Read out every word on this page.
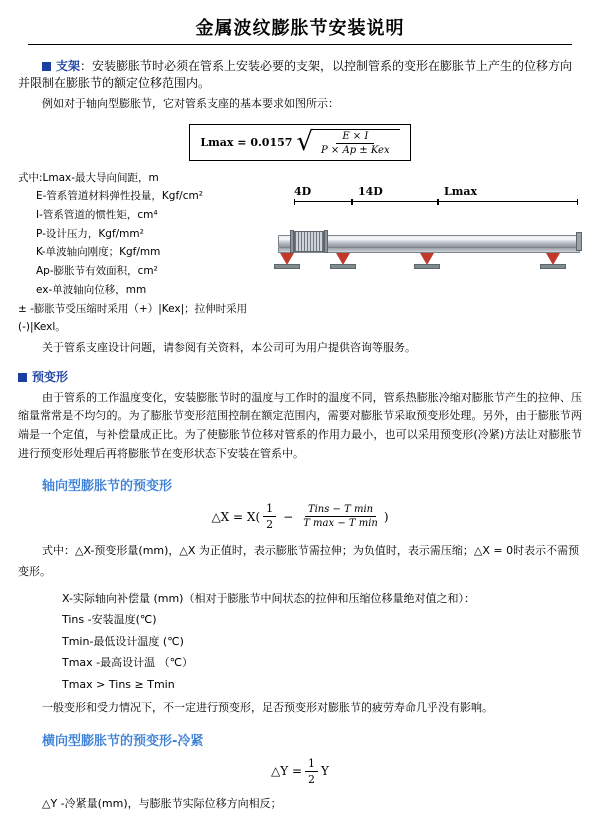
金属波纹膨胀节安装说明

支架：安装膨胀节时必须在管系上安装必要的支架，以控制管系的变形在膨胀节上产生的位移方向并限制在膨胀节的额定位移范围内。

例如对于轴向型膨胀节，它对管系支座的基本要求如图所示：

Lmax = 0.0157 √
$\frac{E \times I}{\text{P × Ap ± Kex}}$

式中:Lmax-最大导向间距，m

E-管系管道材料弹性投量，Kgf/cm²

I-管系管道的惯性矩，cm⁴

P-设计压力，Kgf/mm²

K-单波轴向刚度；Kgf/mm

Ap-膨胀节有效面积，cm²

ex-单波轴向位移，mm

± -膨胀节受压缩时采用（+）|Kex|；拉伸时采用(-)|Kexl。

4D	14D	Lmax

关于管系支座设计问题，请参阅有关资料，本公司可为用户提供咨询等服务。

预变形

由于管系的工作温度变化，安装膨胀节时的温度与工作时的温度不同，管系热膨胀冷缩对膨胀节产生的拉伸、压缩量常常是不均匀的。为了膨胀节变形范围控制在额定范围内，需要对膨胀节采取预变形处理。另外，由于膨胀节两端是一个定值，与补偿量成正比。为了使膨胀节位移对管系的作用力最小，也可以采用预变形(冷紧)方法让对膨胀节进行预变形处理后再将膨胀节在变形状态下安装在管系中。

轴向型膨胀节的预变形
△X = $X( \frac{1}{2} - \frac{\text{Tins − T min}}{\text{T max − T min}}$ )

式中：△X-预变形量(mm)，△X 为正值时，表示膨胀节需拉伸；为负值时，表示需压缩；△X = 0时表示不需预变形。

X-实际轴向补偿量 (mm)（相对于膨胀节中间状态的拉伸和压缩位移量绝对值之和）：

Tins -安装温度(℃)

Tmin-最低设计温度 (℃)

Tmax -最高设计温 （℃）

Tmax > Tins ≥ Tmin

一般变形和受力情况下，不一定进行预变形，足否预变形对膨胀节的疲劳寿命几乎没有影响。

横向型膨胀节的预变形-冷紧
△Y = $\frac{1}{2}$ Y

△Y -冷紧量(mm)，与膨胀节实际位移方向相反；
